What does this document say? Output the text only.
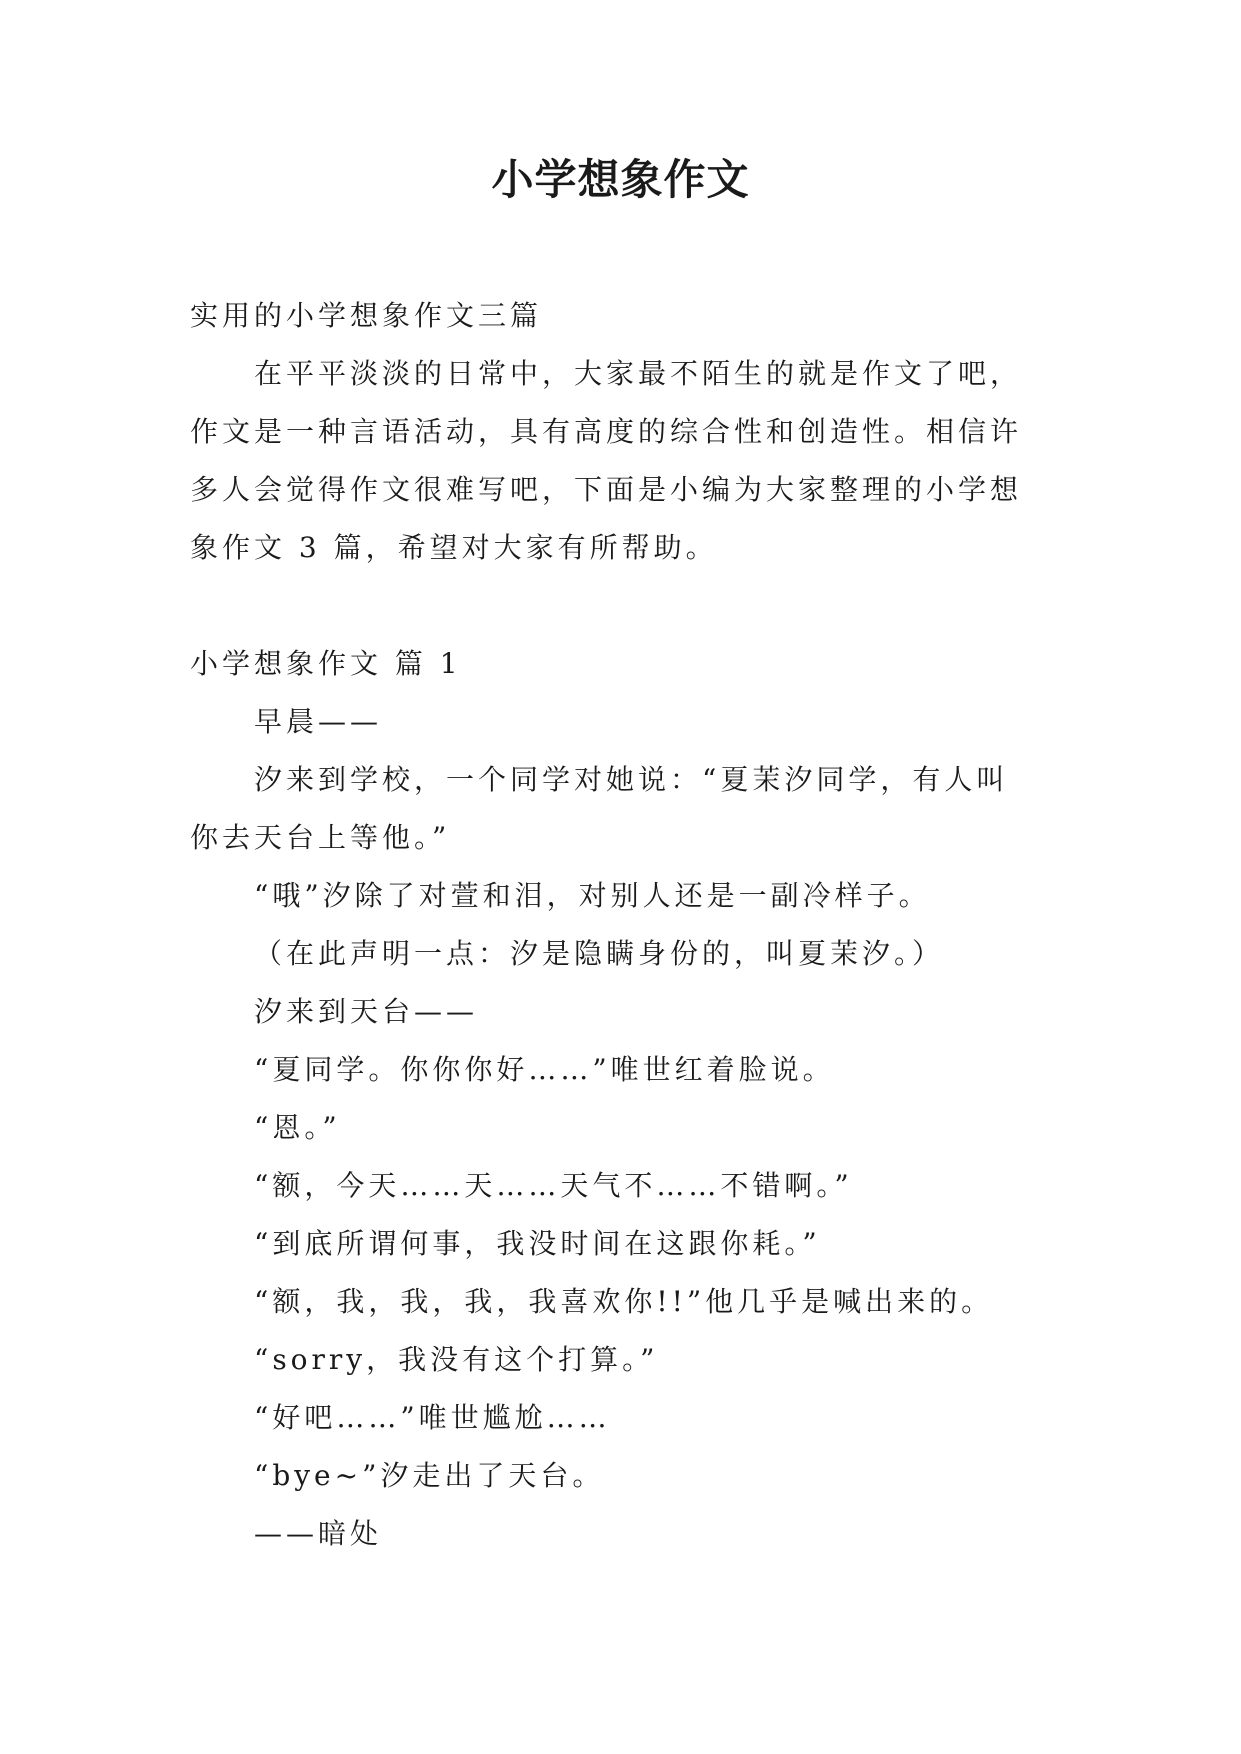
小学想象作文

实用的小学想象作文三篇

在平平淡淡的日常中，大家最不陌生的就是作文了吧，

作文是一种言语活动，具有高度的综合性和创造性。相信许

多人会觉得作文很难写吧，下面是小编为大家整理的小学想

象作文 3 篇，希望对大家有所帮助。

小学想象作文 篇 1

早晨——

汐来到学校，一个同学对她说：“夏茉汐同学，有人叫

你去天台上等他。”

“哦”汐除了对萱和泪，对别人还是一副冷样子。

（在此声明一点：汐是隐瞒身份的，叫夏茉汐。）

汐来到天台——

“夏同学。你你你好……”唯世红着脸说。

“恩。”

“额，今天……天……天气不……不错啊。”

“到底所谓何事，我没时间在这跟你耗。”

“额，我，我，我，我喜欢你!!”他几乎是喊出来的。

“sorry，我没有这个打算。”

“好吧……”唯世尴尬……

“bye~”汐走出了天台。

——暗处
